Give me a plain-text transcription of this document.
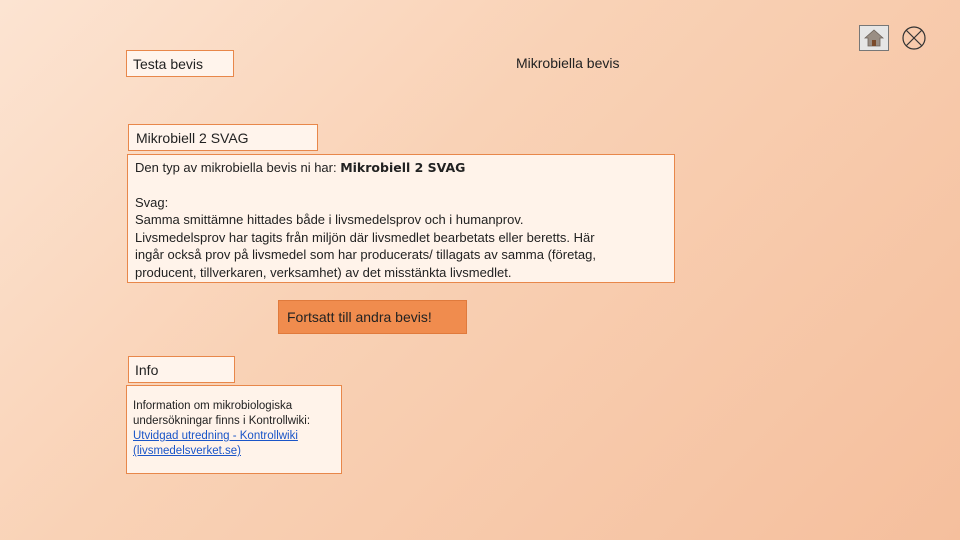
Testa bevis	Mikrobiella bevis
Mikrobiell 2 SVAG
Den typ av mikrobiella bevis ni har: Mikrobiell 2 SVAG
Svag:
Samma smittämne hittades både i livsmedelsprov och i humanprov.
Livsmedelsprov har tagits från miljön där livsmedlet bearbetats eller beretts. Här
ingår också prov på livsmedel som har producerats/ tillagats av samma (företag,
producent, tillverkaren, verksamhet) av det misstänkta livsmedlet.
Fortsatt till andra bevis!
Info
Information om mikrobiologiska undersökningar finns i Kontrollwiki: Utvidgad utredning - Kontrollwiki (livsmedelsverket.se)
